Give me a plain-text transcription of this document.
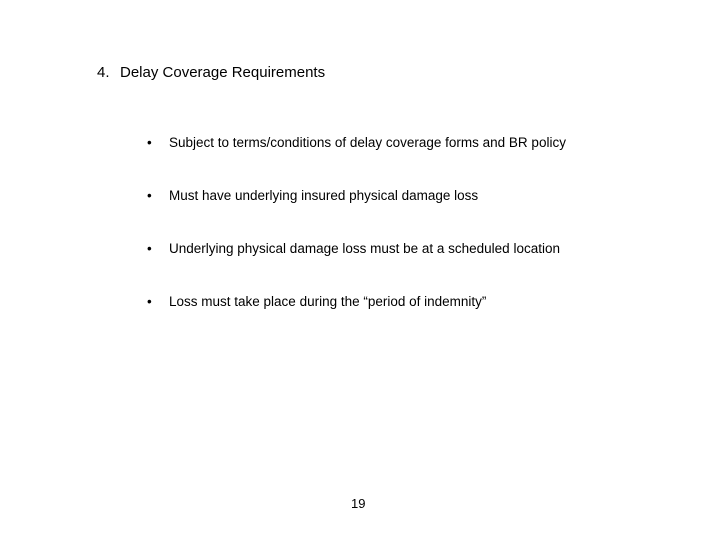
4. Delay Coverage Requirements
•	Subject to terms/conditions of delay coverage forms and BR policy
•	Must have underlying insured physical damage loss
•	Underlying physical damage loss must be at a scheduled location
•	Loss must take place during the “period of indemnity”
19
